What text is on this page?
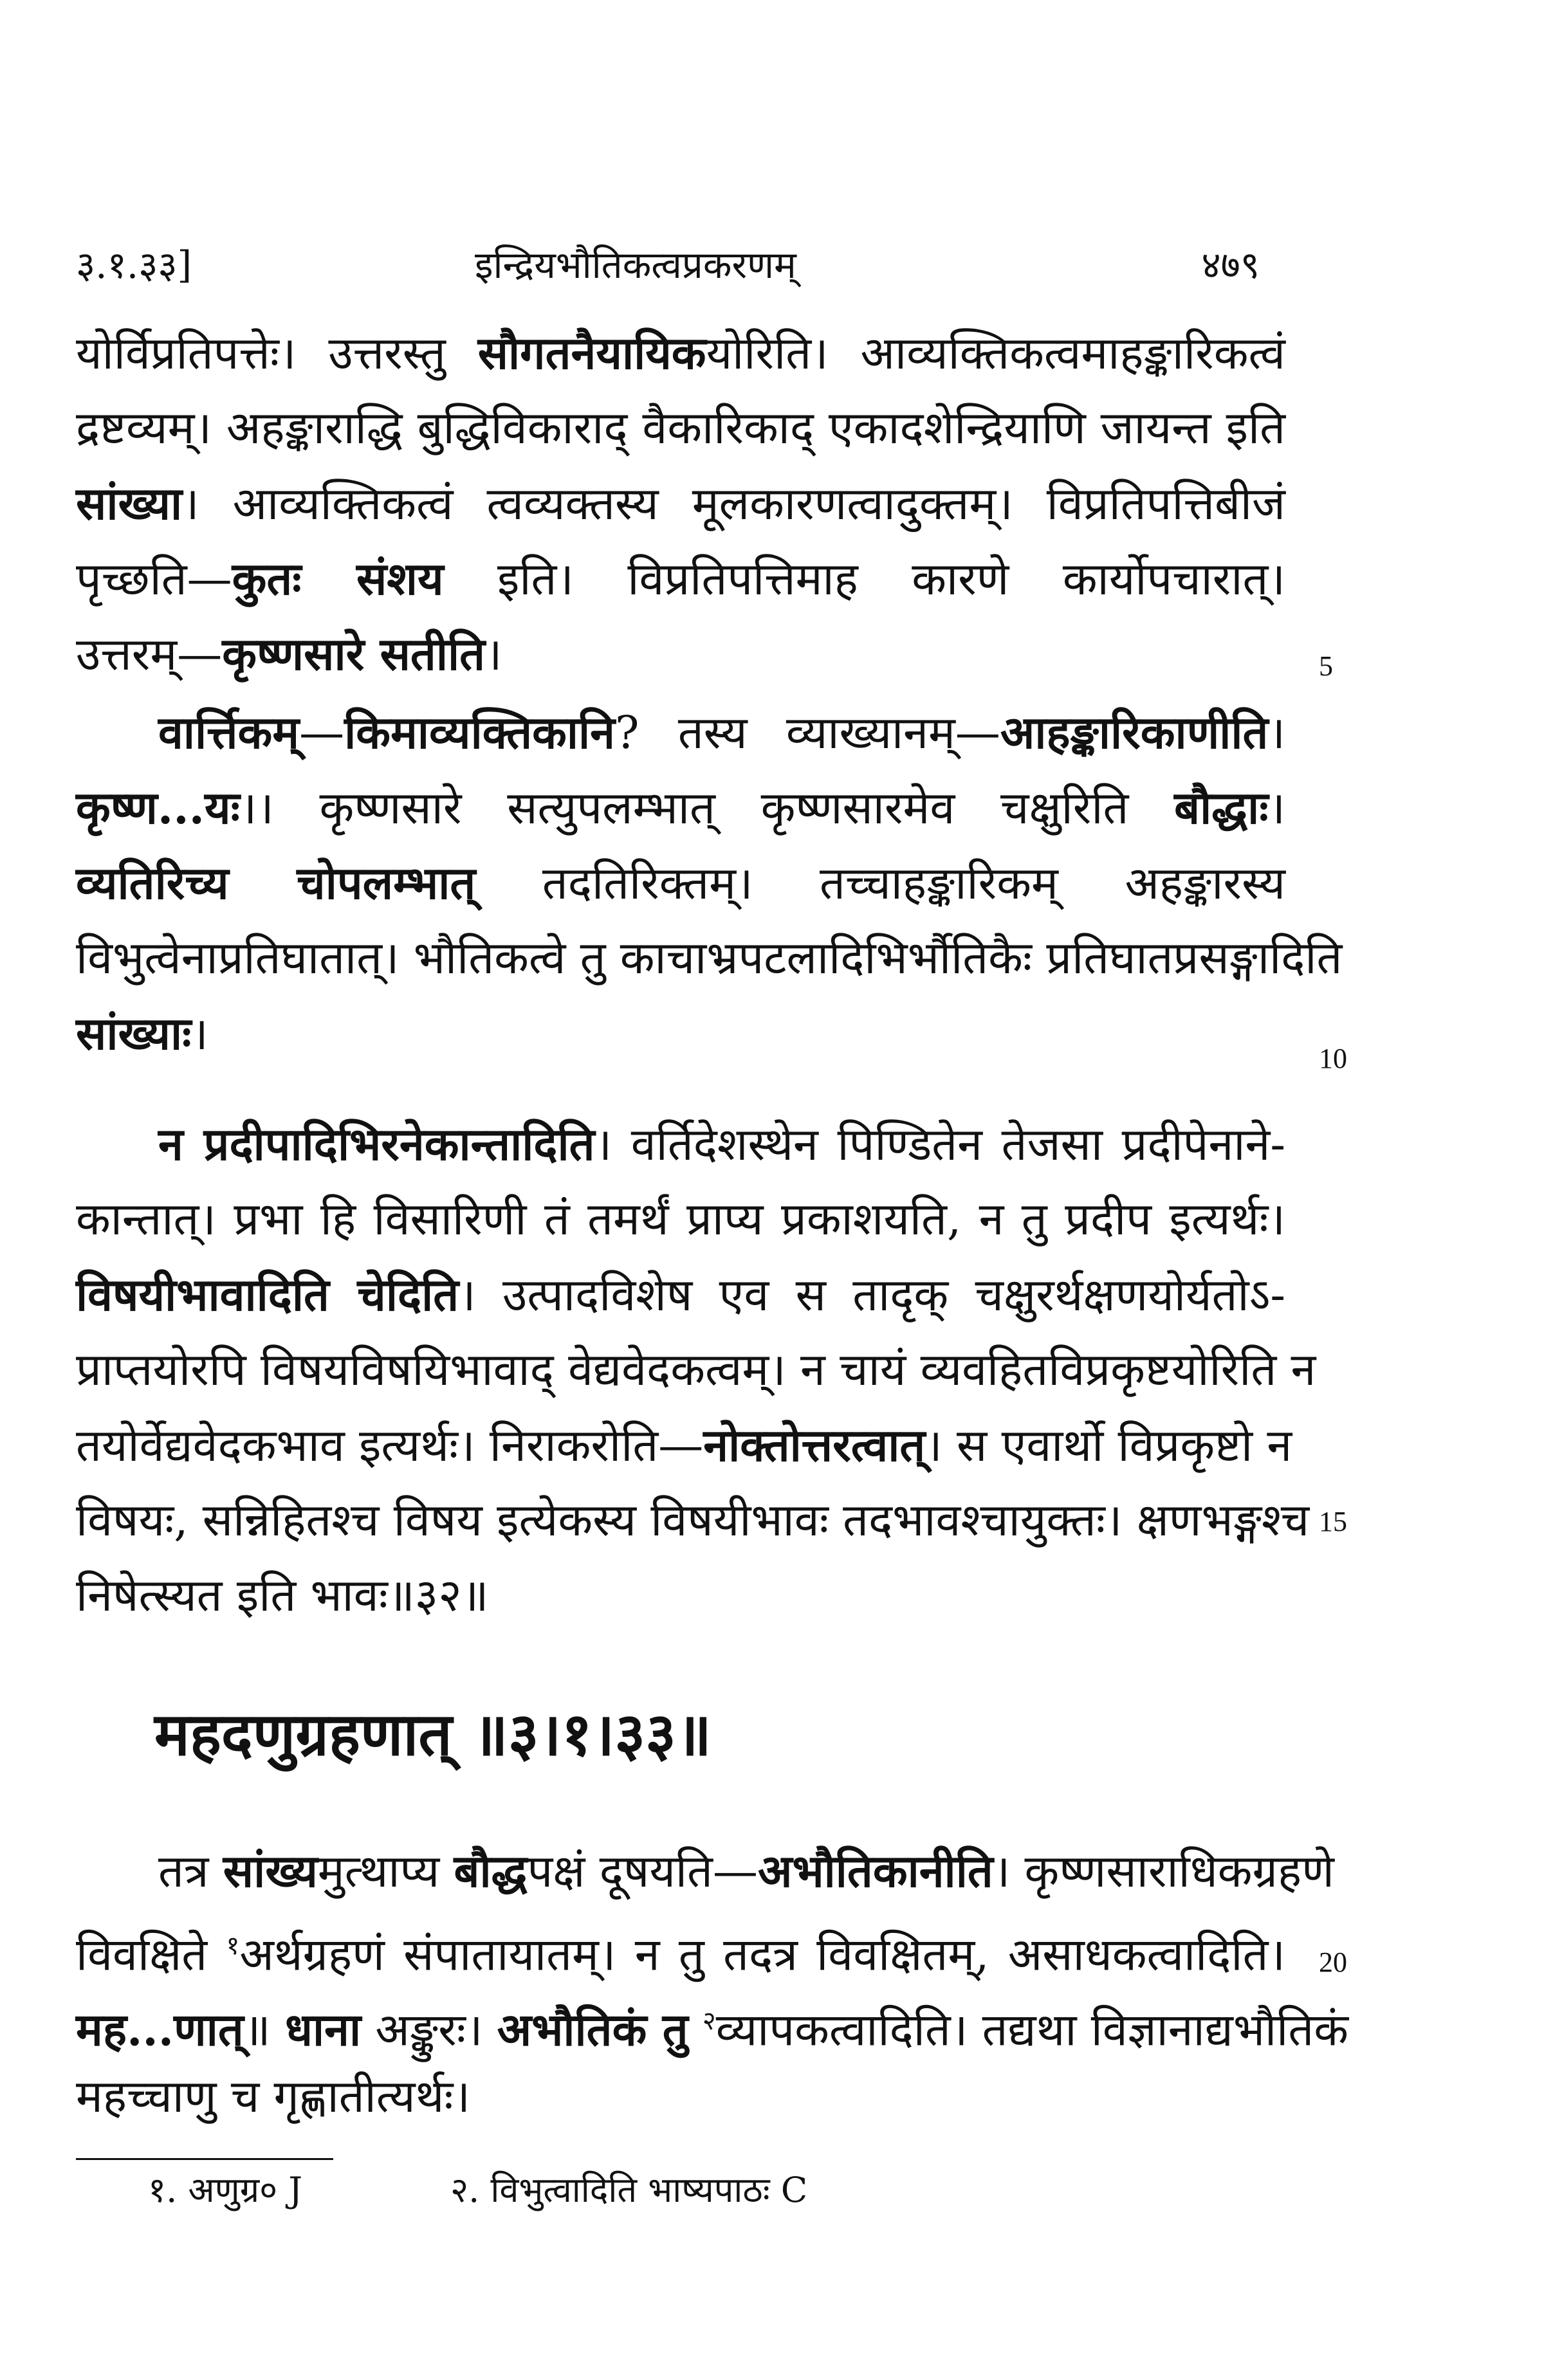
३.१.३३]	इन्द्रियभौतिकत्वप्रकरणम्	४७९
योर्विप्रतिपत्तेः। उत्तरस्तु सौगतनैयायिकयोरिति। आव्यक्तिकत्वमाहङ्कारिकत्वं
द्रष्टव्यम्। अहङ्काराद्धि बुद्धिविकाराद् वैकारिकाद् एकादशेन्द्रियाणि जायन्त इति
सांख्या। आव्यक्तिकत्वं त्वव्यक्तस्य मूलकारणत्वादुक्तम्। विप्रतिपत्तिबीजं
पृच्छति—कुतः संशय इति। विप्रतिपत्तिमाह कारणे कार्योपचारात्।
उत्तरम्—कृष्णसारे सतीति।
वार्त्तिकम्—किमाव्यक्तिकानि? तस्य व्याख्यानम्—आहङ्कारिकाणीति।
कृष्ण...यः।। कृष्णसारे सत्युपलम्भात् कृष्णसारमेव चक्षुरिति बौद्धाः।
व्यतिरिच्य चोपलम्भात् तदतिरिक्तम्। तच्चाहङ्कारिकम् अहङ्कारस्य
विभुत्वेनाप्रतिघातात्। भौतिकत्वे तु काचाभ्रपटलादिभिर्भौतिकैः प्रतिघातप्रसङ्गादिति
सांख्याः।
न प्रदीपादिभिरनेकान्तादिति। वर्तिदेशस्थेन पिण्डितेन तेजसा प्रदीपेनाने-
कान्तात्। प्रभा हि विसारिणी तं तमर्थं प्राप्य प्रकाशयति, न तु प्रदीप इत्यर्थः।
विषयीभावादिति चेदिति। उत्पादविशेष एव स तादृक् चक्षुरर्थक्षणयोर्यतोऽ-
प्राप्तयोरपि विषयविषयिभावाद् वेद्यवेदकत्वम्। न चायं व्यवहितविप्रकृष्टयोरिति न
तयोर्वेद्यवेदकभाव इत्यर्थः। निराकरोति—नोक्तोत्तरत्वात्। स एवार्थो विप्रकृष्टो न
विषयः, सन्निहितश्च विषय इत्येकस्य विषयीभावः तदभावश्चायुक्तः। क्षणभङ्गश्च
निषेत्स्यत इति भावः॥३२॥
महदणुग्रहणात् ॥३।१।३३॥
तत्र सांख्यमुत्थाप्य बौद्धपक्षं दूषयति—अभौतिकानीति। कृष्णसाराधिकग्रहणे
विवक्षिते $^१$अर्थग्रहणं संपातायातम्। न तु तदत्र विवक्षितम्, असाधकत्वादिति।
मह...णात्॥ धाना अङ्कुरः। अभौतिकं तु $^२$व्यापकत्वादिति। तद्यथा विज्ञानाद्यभौतिकं
महच्चाणु च गृह्णातीत्यर्थः।
5
10
15
20
१. अणुग्र० J	२. विभुत्वादिति भाष्यपाठः C
